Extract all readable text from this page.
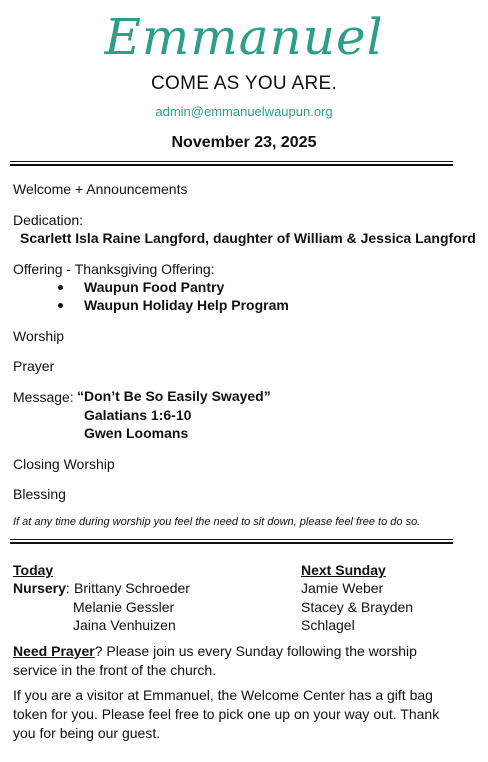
Emmanuel
COME AS YOU ARE.
admin@emmanuelwaupun.org
November 23, 2025
Welcome + Announcements
Dedication:
Scarlett Isla Raine Langford, daughter of William & Jessica Langford
Offering - Thanksgiving Offering:
Waupun Food Pantry
Waupun Holiday Help Program
Worship
Prayer
Message: “Don’t Be So Easily Swayed”
Galatians 1:6-10
Gwen Loomans
Closing Worship
Blessing
If at any time during worship you feel the need to sit down, please feel free to do so.
Today
Nursery: Brittany Schroeder
Melanie Gessler
Jaina Venhuizen
Next Sunday
Jamie Weber
Stacey & Brayden
Schlagel
Need Prayer? Please join us every Sunday following the worship service in the front of the church.
If you are a visitor at Emmanuel, the Welcome Center has a gift bag token for you. Please feel free to pick one up on your way out. Thank you for being our guest.
